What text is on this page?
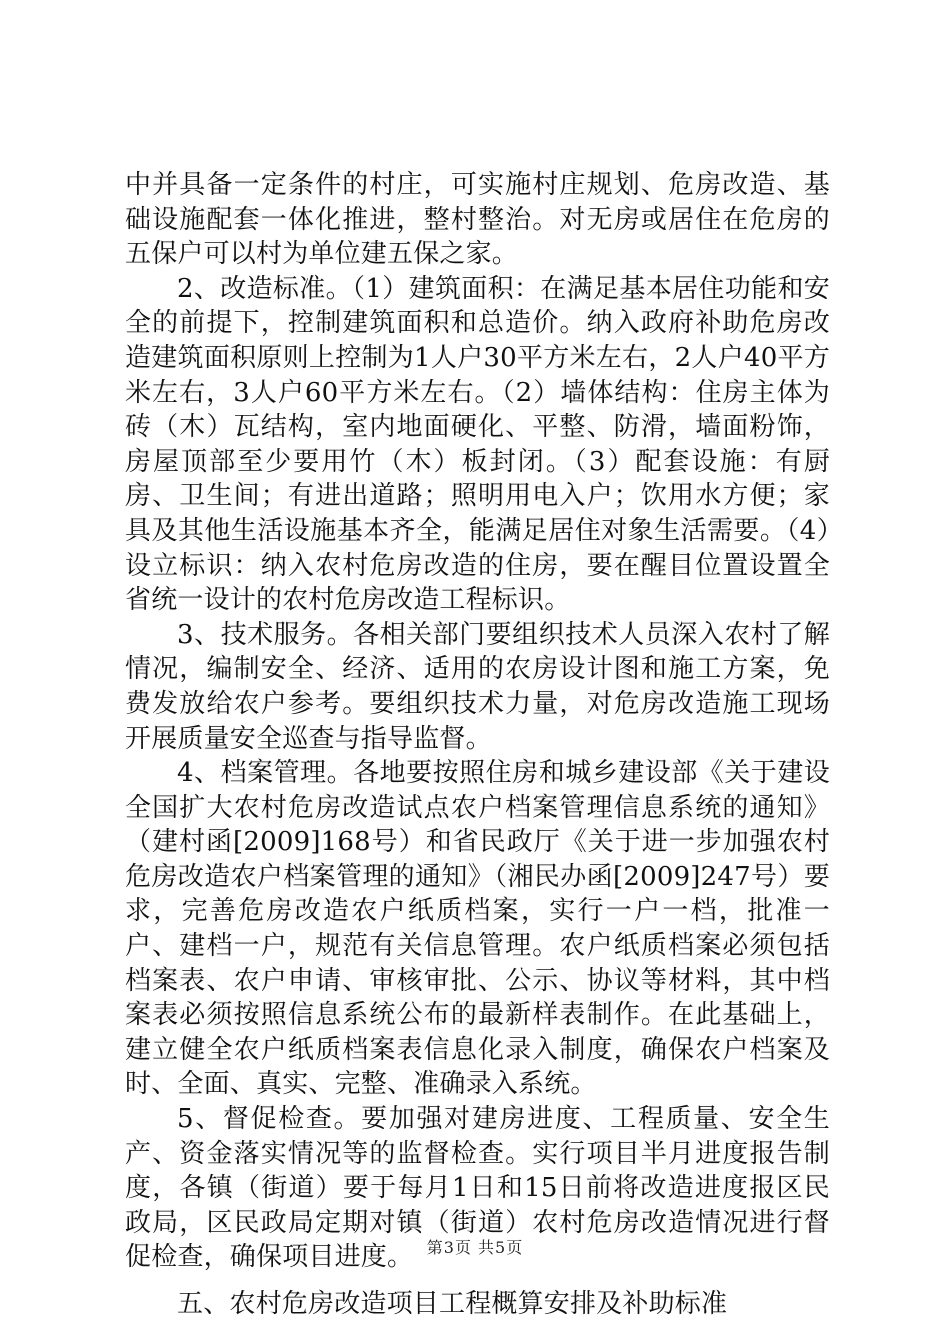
中并具备一定条件的村庄，可实施村庄规划、危房改造、基础设施配套一体化推进，整村整治。对无房或居住在危房的五保户可以村为单位建五保之家。

2、改造标准。（1）建筑面积：在满足基本居住功能和安全的前提下，控制建筑面积和总造价。纳入政府补助危房改造建筑面积原则上控制为1人户30平方米左右，2人户40平方米左右，3人户60平方米左右。（2）墙体结构：住房主体为砖（木）瓦结构，室内地面硬化、平整、防滑，墙面粉饰，房屋顶部至少要用竹（木）板封闭。（3）配套设施：有厨房、卫生间；有进出道路；照明用电入户；饮用水方便；家具及其他生活设施基本齐全，能满足居住对象生活需要。（4）设立标识：纳入农村危房改造的住房，要在醒目位置设置全省统一设计的农村危房改造工程标识。

3、技术服务。各相关部门要组织技术人员深入农村了解情况，编制安全、经济、适用的农房设计图和施工方案，免费发放给农户参考。要组织技术力量，对危房改造施工现场开展质量安全巡查与指导监督。

4、档案管理。各地要按照住房和城乡建设部《关于建设全国扩大农村危房改造试点农户档案管理信息系统的通知》（建村函[2009]168号）和省民政厅《关于进一步加强农村危房改造农户档案管理的通知》（湘民办函[2009]247号）要求，完善危房改造农户纸质档案，实行一户一档，批准一户、建档一户，规范有关信息管理。农户纸质档案必须包括档案表、农户申请、审核审批、公示、协议等材料，其中档案表必须按照信息系统公布的最新样表制作。在此基础上，建立健全农户纸质档案表信息化录入制度，确保农户档案及时、全面、真实、完整、准确录入系统。

5、督促检查。要加强对建房进度、工程质量、安全生产、资金落实情况等的监督检查。实行项目半月进度报告制度，各镇（街道）要于每月1日和15日前将改造进度报区民政局，区民政局定期对镇（街道）农村危房改造情况进行督促检查，确保项目进度。

五、农村危房改造项目工程概算安排及补助标准

第3页 共5页
